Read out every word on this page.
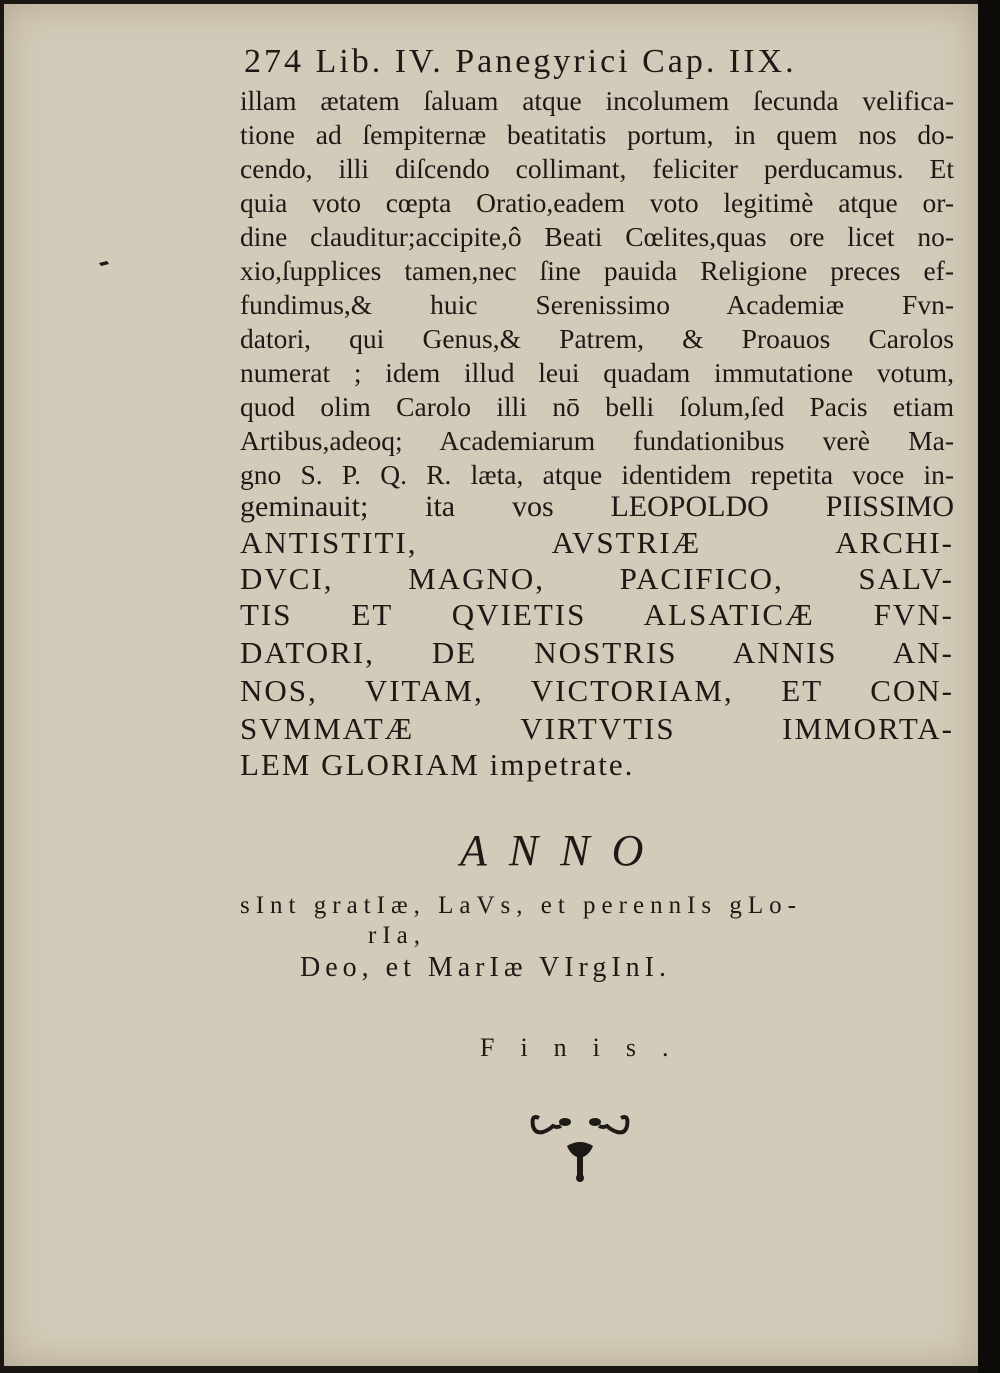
274 Lib. IV. Panegyrici Cap. IIX.
illam ætatem ſaluam atque incolumem ſecunda velifica-
tione ad ſempiternæ beatitatis portum, in quem nos do-
cendo, illi diſcendo collimant, feliciter perducamus. Et
quia voto cœpta Oratio,eadem voto legitimè atque or-
dine clauditur;accipite,ô Beati Cœlites,quas ore licet no-
xio,ſupplices tamen,nec ſine pauida Religione preces ef-
fundimus,& huic Serenissimo Academiæ Fvn-
datori, qui Genus,& Patrem, & Proauos Carolos
numerat ; idem illud leui quadam immutatione votum,
quod olim Carolo illi nō belli ſolum,ſed Pacis etiam
Artibus,adeoq; Academiarum fundationibus verè Ma-
gno S. P. Q. R. læta, atque identidem repetita voce in-
geminauit; ita vos LEOPOLDO PIISSIMO
ANTISTITI, AVSTRIÆ ARCHI-
DVCI, MAGNO, PACIFICO, SALV-
TIS ET QVIETIS ALSATICÆ FVN-
DATORI, DE NOSTRIS ANNIS AN-
NOS, VITAM, VICTORIAM, ET CON-
SVMMATÆ VIRTVTIS IMMORTA-
LEM GLORIAM impetrate.
ANNO
sInt gratIæ, LaVs, et perennIs gLo-
rIa,
Deo, et MarIæ VIrgInI.
Finis.
